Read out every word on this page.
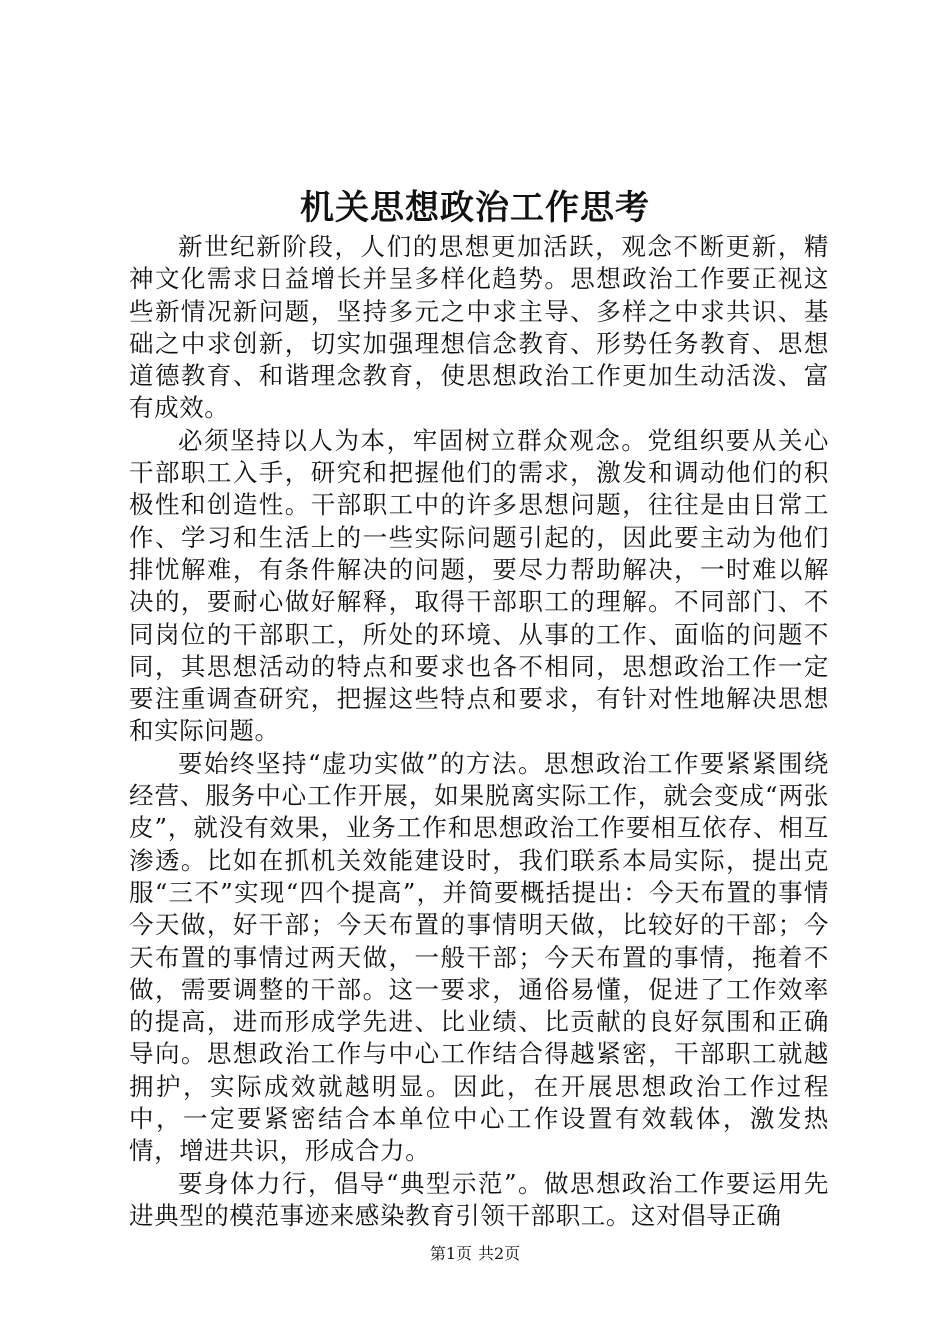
机关思想政治工作思考

新世纪新阶段，人们的思想更加活跃，观念不断更新，精神文化需求日益增长并呈多样化趋势。思想政治工作要正视这些新情况新问题，坚持多元之中求主导、多样之中求共识、基础之中求创新，切实加强理想信念教育、形势任务教育、思想道德教育、和谐理念教育，使思想政治工作更加生动活泼、富有成效。

必须坚持以人为本，牢固树立群众观念。党组织要从关心干部职工入手，研究和把握他们的需求，激发和调动他们的积极性和创造性。干部职工中的许多思想问题，往往是由日常工作、学习和生活上的一些实际问题引起的，因此要主动为他们排忧解难，有条件解决的问题，要尽力帮助解决，一时难以解决的，要耐心做好解释，取得干部职工的理解。不同部门、不同岗位的干部职工，所处的环境、从事的工作、面临的问题不同，其思想活动的特点和要求也各不相同，思想政治工作一定要注重调查研究，把握这些特点和要求，有针对性地解决思想和实际问题。

要始终坚持“虚功实做”的方法。思想政治工作要紧紧围绕经营、服务中心工作开展，如果脱离实际工作，就会变成“两张皮”，就没有效果，业务工作和思想政治工作要相互依存、相互渗透。比如在抓机关效能建设时，我们联系本局实际，提出克服“三不”实现“四个提高”，并简要概括提出：今天布置的事情今天做，好干部；今天布置的事情明天做，比较好的干部；今天布置的事情过两天做，一般干部；今天布置的事情，拖着不做，需要调整的干部。这一要求，通俗易懂，促进了工作效率的提高，进而形成学先进、比业绩、比贡献的良好氛围和正确导向。思想政治工作与中心工作结合得越紧密，干部职工就越拥护，实际成效就越明显。因此，在开展思想政治工作过程中，一定要紧密结合本单位中心工作设置有效载体，激发热情，增进共识，形成合力。

要身体力行，倡导“典型示范”。做思想政治工作要运用先进典型的模范事迹来感染教育引领干部职工。这对倡导正确

第1页 共2页
